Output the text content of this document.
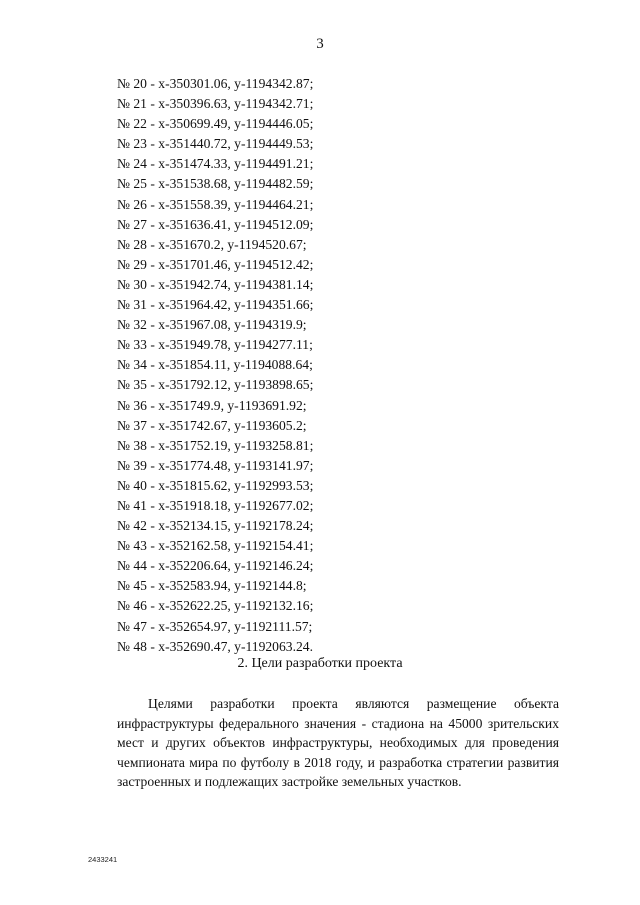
3
№ 20 - x-350301.06, y-1194342.87;
№ 21 - x-350396.63, y-1194342.71;
№ 22 - x-350699.49, y-1194446.05;
№ 23 - x-351440.72, y-1194449.53;
№ 24 - x-351474.33, y-1194491.21;
№ 25 - x-351538.68, y-1194482.59;
№ 26 - x-351558.39, y-1194464.21;
№ 27 - x-351636.41, y-1194512.09;
№ 28 - x-351670.2, y-1194520.67;
№ 29 - x-351701.46, y-1194512.42;
№ 30 - x-351942.74, y-1194381.14;
№ 31 - x-351964.42, y-1194351.66;
№ 32 - x-351967.08, y-1194319.9;
№ 33 - x-351949.78, y-1194277.11;
№ 34 - x-351854.11, y-1194088.64;
№ 35 - x-351792.12, y-1193898.65;
№ 36 - x-351749.9, y-1193691.92;
№ 37 - x-351742.67, y-1193605.2;
№ 38 - x-351752.19, y-1193258.81;
№ 39 - x-351774.48, y-1193141.97;
№ 40 - x-351815.62, y-1192993.53;
№ 41 - x-351918.18, y-1192677.02;
№ 42 - x-352134.15, y-1192178.24;
№ 43 - x-352162.58, y-1192154.41;
№ 44 - x-352206.64, y-1192146.24;
№ 45 - x-352583.94, y-1192144.8;
№ 46 - x-352622.25, y-1192132.16;
№ 47 - x-352654.97, y-1192111.57;
№ 48 - x-352690.47, y-1192063.24.
2. Цели разработки проекта

Целями разработки проекта являются размещение объекта инфраструктуры федерального значения - стадиона на 45000 зрительских мест и других объектов инфраструктуры, необходимых для проведения чемпионата мира по футболу в 2018 году, и разработка стратегии развития застроенных и подлежащих застройке земельных участков.

2433241
